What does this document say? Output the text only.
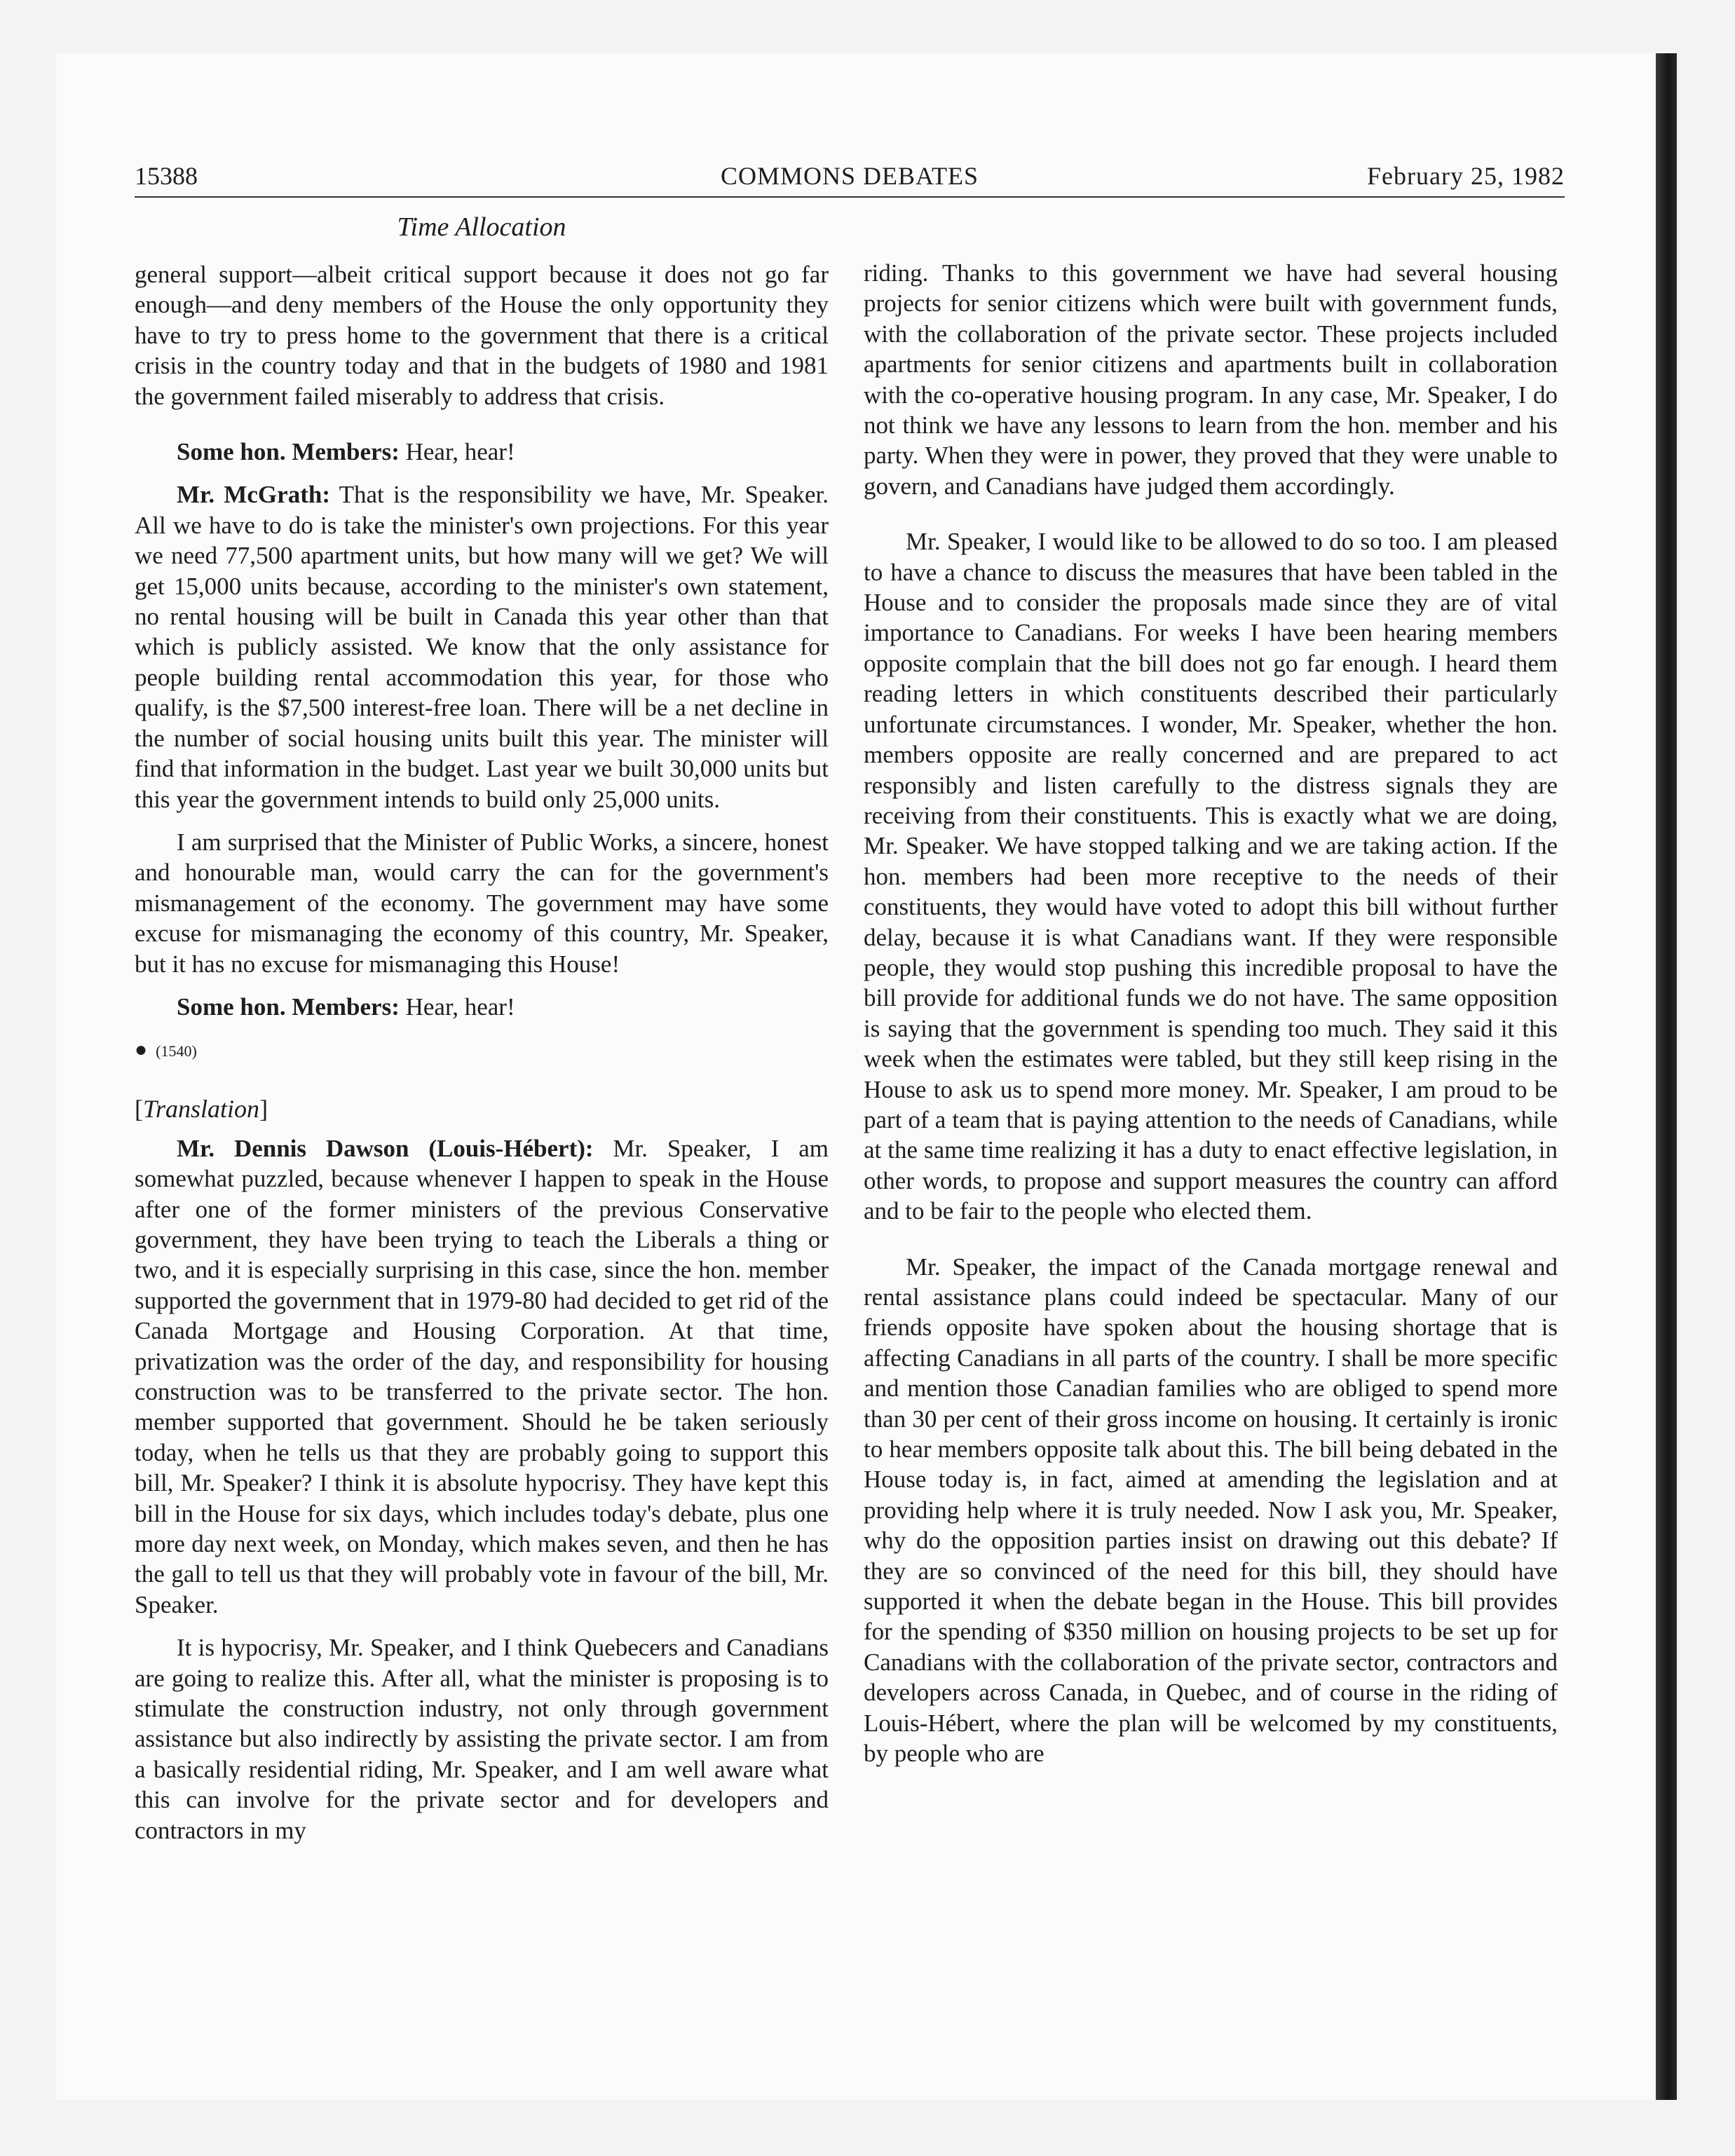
15388	COMMONS DEBATES	February 25, 1982
Time Allocation

general support—albeit critical support because it does not go far enough—and deny members of the House the only opportunity they have to try to press home to the government that there is a critical crisis in the country today and that in the budgets of 1980 and 1981 the government failed miserably to address that crisis.

Some hon. Members: Hear, hear!

Mr. McGrath: That is the responsibility we have, Mr. Speaker. All we have to do is take the minister's own projections. For this year we need 77,500 apartment units, but how many will we get? We will get 15,000 units because, according to the minister's own statement, no rental housing will be built in Canada this year other than that which is publicly assisted. We know that the only assistance for people building rental accommodation this year, for those who qualify, is the $7,500 interest-free loan. There will be a net decline in the number of social housing units built this year. The minister will find that information in the budget. Last year we built 30,000 units but this year the government intends to build only 25,000 units.

I am surprised that the Minister of Public Works, a sincere, honest and honourable man, would carry the can for the government's mismanagement of the economy. The government may have some excuse for mismanaging the economy of this country, Mr. Speaker, but it has no excuse for mismanaging this House!

Some hon. Members: Hear, hear!

● (1540)
[Translation]

Mr. Dennis Dawson (Louis-Hébert): Mr. Speaker, I am somewhat puzzled, because whenever I happen to speak in the House after one of the former ministers of the previous Conservative government, they have been trying to teach the Liberals a thing or two, and it is especially surprising in this case, since the hon. member supported the government that in 1979-80 had decided to get rid of the Canada Mortgage and Housing Corporation. At that time, privatization was the order of the day, and responsibility for housing construction was to be transferred to the private sector. The hon. member supported that government. Should he be taken seriously today, when he tells us that they are probably going to support this bill, Mr. Speaker? I think it is absolute hypocrisy. They have kept this bill in the House for six days, which includes today's debate, plus one more day next week, on Monday, which makes seven, and then he has the gall to tell us that they will probably vote in favour of the bill, Mr. Speaker.

It is hypocrisy, Mr. Speaker, and I think Quebecers and Canadians are going to realize this. After all, what the minister is proposing is to stimulate the construction industry, not only through government assistance but also indirectly by assisting the private sector. I am from a basically residential riding, Mr. Speaker, and I am well aware what this can involve for the private sector and for developers and contractors in my

riding. Thanks to this government we have had several housing projects for senior citizens which were built with government funds, with the collaboration of the private sector. These projects included apartments for senior citizens and apartments built in collaboration with the co-operative housing program. In any case, Mr. Speaker, I do not think we have any lessons to learn from the hon. member and his party. When they were in power, they proved that they were unable to govern, and Canadians have judged them accordingly.

Mr. Speaker, I would like to be allowed to do so too. I am pleased to have a chance to discuss the measures that have been tabled in the House and to consider the proposals made since they are of vital importance to Canadians. For weeks I have been hearing members opposite complain that the bill does not go far enough. I heard them reading letters in which constituents described their particularly unfortunate circumstances. I wonder, Mr. Speaker, whether the hon. members opposite are really concerned and are prepared to act responsibly and listen carefully to the distress signals they are receiving from their constituents. This is exactly what we are doing, Mr. Speaker. We have stopped talking and we are taking action. If the hon. members had been more receptive to the needs of their constituents, they would have voted to adopt this bill without further delay, because it is what Canadians want. If they were responsible people, they would stop pushing this incredible proposal to have the bill provide for additional funds we do not have. The same opposition is saying that the government is spending too much. They said it this week when the estimates were tabled, but they still keep rising in the House to ask us to spend more money. Mr. Speaker, I am proud to be part of a team that is paying attention to the needs of Canadians, while at the same time realizing it has a duty to enact effective legislation, in other words, to propose and support measures the country can afford and to be fair to the people who elected them.

Mr. Speaker, the impact of the Canada mortgage renewal and rental assistance plans could indeed be spectacular. Many of our friends opposite have spoken about the housing shortage that is affecting Canadians in all parts of the country. I shall be more specific and mention those Canadian families who are obliged to spend more than 30 per cent of their gross income on housing. It certainly is ironic to hear members opposite talk about this. The bill being debated in the House today is, in fact, aimed at amending the legislation and at providing help where it is truly needed. Now I ask you, Mr. Speaker, why do the opposition parties insist on drawing out this debate? If they are so convinced of the need for this bill, they should have supported it when the debate began in the House. This bill provides for the spending of $350 million on housing projects to be set up for Canadians with the collaboration of the private sector, contractors and developers across Canada, in Quebec, and of course in the riding of Louis-Hébert, where the plan will be welcomed by my constituents, by people who are
